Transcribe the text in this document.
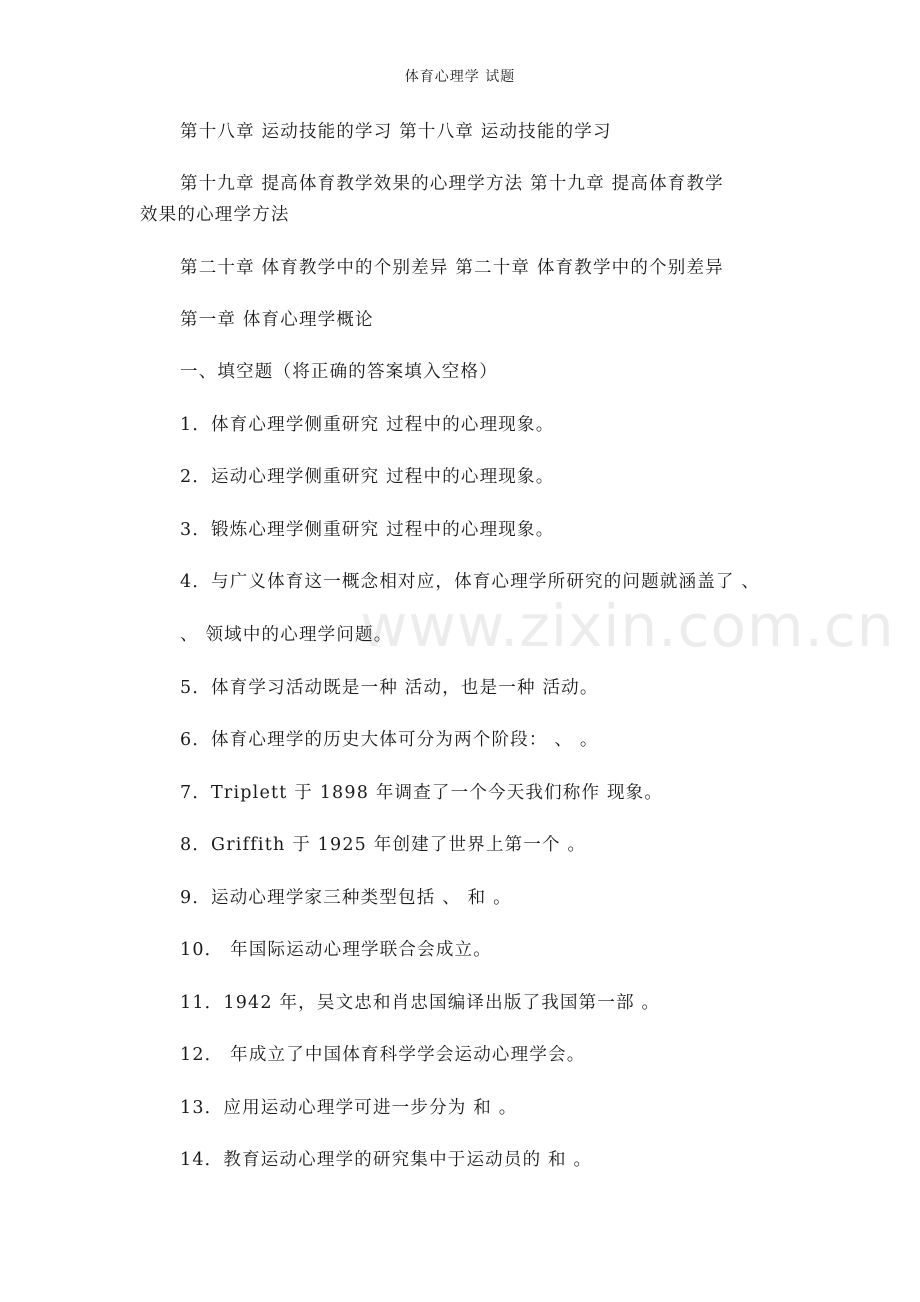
体育心理学 试题
第十八章 运动技能的学习 第十八章 运动技能的学习
第十九章 提高体育教学效果的心理学方法 第十九章 提高体育教学
效果的心理学方法
第二十章 体育教学中的个别差异 第二十章 体育教学中的个别差异
第一章 体育心理学概论
一、填空题（将正确的答案填入空格）
1．体育心理学侧重研究 过程中的心理现象。
2．运动心理学侧重研究 过程中的心理现象。
3．锻炼心理学侧重研究 过程中的心理现象。
4．与广义体育这一概念相对应，体育心理学所研究的问题就涵盖了 、
、 领域中的心理学问题。
5．体育学习活动既是一种 活动，也是一种 活动。
6．体育心理学的历史大体可分为两个阶段： 、 。
7．Triplett 于 1898 年调查了一个今天我们称作 现象。
8．Griffith 于 1925 年创建了世界上第一个 。
9．运动心理学家三种类型包括 、 和 。
10． 年国际运动心理学联合会成立。
11．1942 年，吴文忠和肖忠国编译出版了我国第一部 。
12． 年成立了中国体育科学学会运动心理学会。
13．应用运动心理学可进一步分为 和 。
14．教育运动心理学的研究集中于运动员的 和 。
www.zixin.com.cn
